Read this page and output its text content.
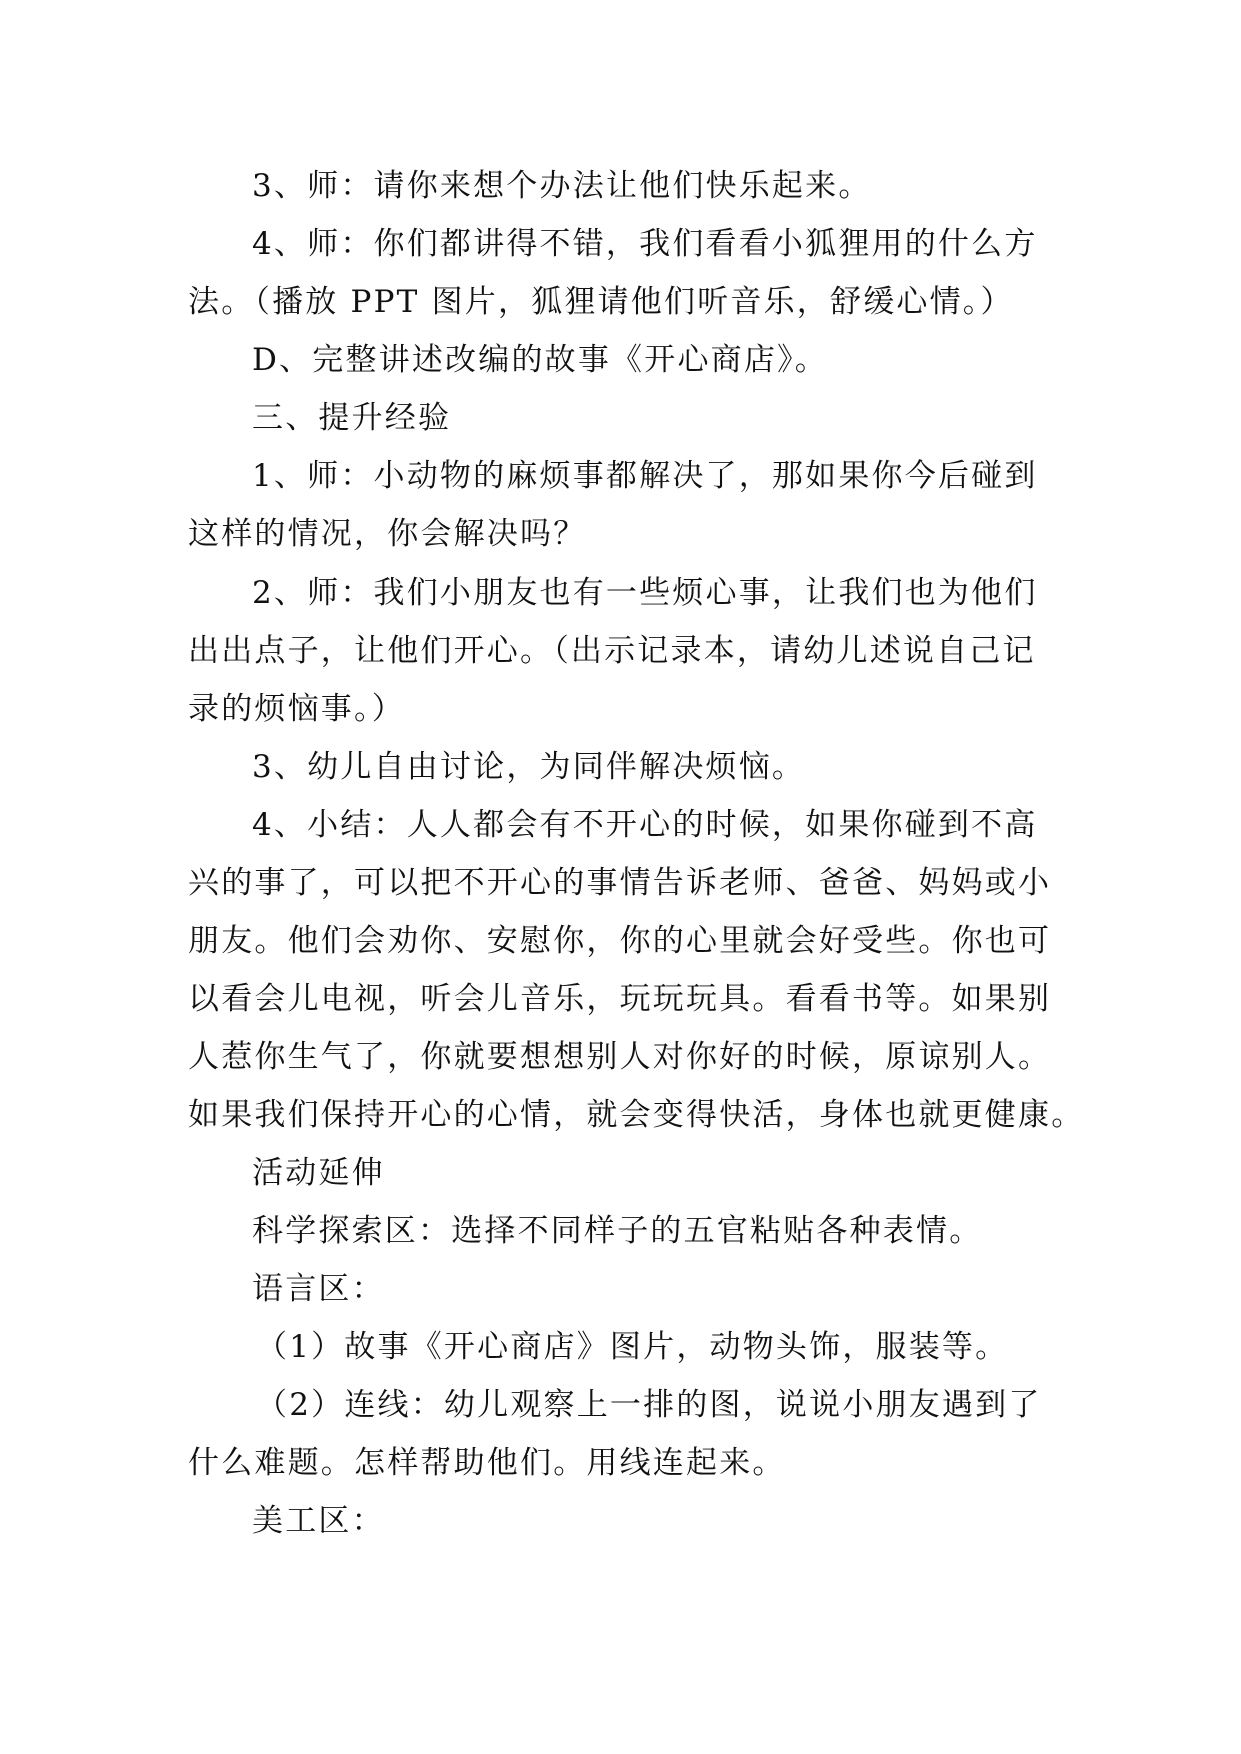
3、师：请你来想个办法让他们快乐起来。
4、师：你们都讲得不错，我们看看小狐狸用的什么方
法。（播放 PPT 图片，狐狸请他们听音乐，舒缓心情。）
D、完整讲述改编的故事《开心商店》。
三、提升经验
1、师：小动物的麻烦事都解决了，那如果你今后碰到
这样的情况，你会解决吗？
2、师：我们小朋友也有一些烦心事，让我们也为他们
出出点子，让他们开心。（出示记录本，请幼儿述说自己记
录的烦恼事。）
3、幼儿自由讨论，为同伴解决烦恼。
4、小结：人人都会有不开心的时候，如果你碰到不高
兴的事了，可以把不开心的事情告诉老师、爸爸、妈妈或小
朋友。他们会劝你、安慰你，你的心里就会好受些。你也可
以看会儿电视，听会儿音乐，玩玩玩具。看看书等。如果别
人惹你生气了，你就要想想别人对你好的时候，原谅别人。
如果我们保持开心的心情，就会变得快活，身体也就更健康。
活动延伸
科学探索区：选择不同样子的五官粘贴各种表情。
语言区：
（1）故事《开心商店》图片，动物头饰，服装等。
（2）连线：幼儿观察上一排的图，说说小朋友遇到了
什么难题。怎样帮助他们。用线连起来。
美工区：
